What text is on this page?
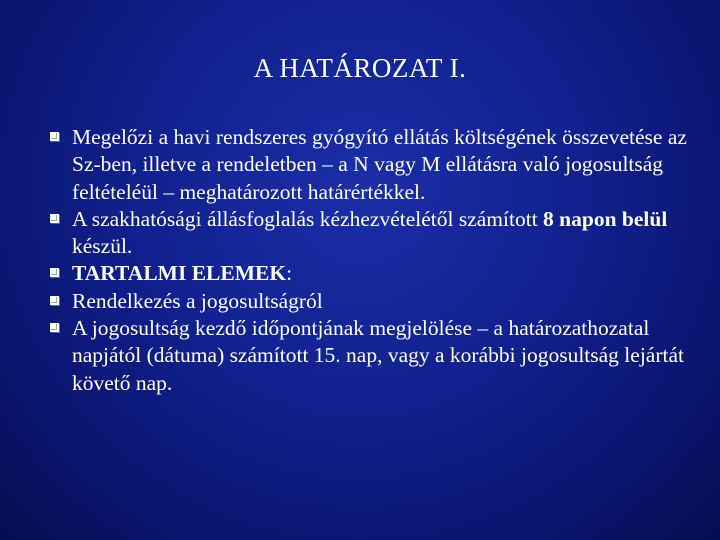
A HATÁROZAT I.
Megelőzi a havi rendszeres gyógyító ellátás költségének összevetése az Sz-ben, illetve a rendeletben – a N vagy M ellátásra való jogosultság feltételéül – meghatározott határértékkel.
A szakhatósági állásfoglalás kézhezvételétől számított 8 napon belül készül.
TARTALMI ELEMEK:
Rendelkezés a jogosultságról
A jogosultság kezdő időpontjának megjelölése – a határozathozatal napjától (dátuma) számított 15. nap, vagy a korábbi jogosultság lejártát követő nap.
